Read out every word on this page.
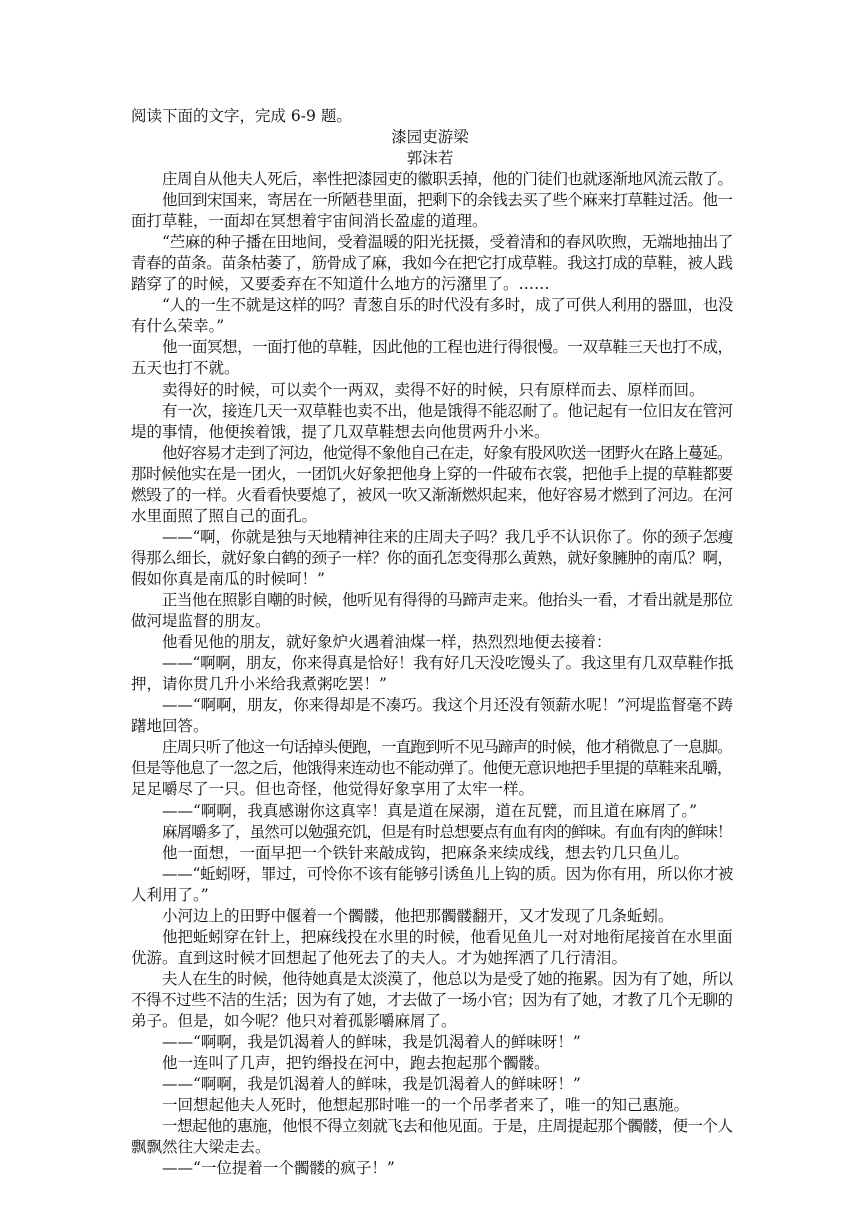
阅读下面的文字，完成 6-9 题。
漆园吏游梁
郭沫若
庄周自从他夫人死后，率性把漆园吏的徽职丢掉，他的门徒们也就逐渐地风流云散了。
他回到宋国来，寄居在一所陋巷里面，把剩下的余钱去买了些个麻来打草鞋过活。他一
面打草鞋，一面却在冥想着宇宙间消长盈虚的道理。
“苎麻的种子播在田地间，受着温暖的阳光抚摄，受着清和的春风吹煦，无端地抽出了
青春的苗条。苗条枯萎了，筋骨成了麻，我如今在把它打成草鞋。我这打成的草鞋，被人践
踏穿了的时候，又要委弃在不知道什么地方的污潴里了。……
“人的一生不就是这样的吗？青葱自乐的时代没有多时，成了可供人利用的器皿，也没
有什么荣幸。”
他一面冥想，一面打他的草鞋，因此他的工程也进行得很慢。一双草鞋三天也打不成，
五天也打不就。
卖得好的时候，可以卖个一两双，卖得不好的时候，只有原样而去、原样而回。
有一次，接连几天一双草鞋也卖不出，他是饿得不能忍耐了。他记起有一位旧友在管河
堤的事情，他便挨着饿，提了几双草鞋想去向他贯两升小米。
他好容易才走到了河边，他觉得不象他自己在走，好象有股风吹送一团野火在路上蔓延。
那时候他实在是一团火，一团饥火好象把他身上穿的一件破布衣裳，把他手上提的草鞋都要
燃毁了的一样。火看看快要熄了，被风一吹又渐渐燃炽起来，他好容易才燃到了河边。在河
水里面照了照自己的面孔。
——“啊，你就是独与天地精神往来的庄周夫子吗？我几乎不认识你了。你的颈子怎瘦
得那么细长，就好象白鹤的颈子一样？你的面孔怎变得那么黄熟，就好象臃肿的南瓜？啊，
假如你真是南瓜的时候呵！”
正当他在照影自嘲的时候，他听见有得得的马蹄声走来。他抬头一看，才看出就是那位
做河堤监督的朋友。
他看见他的朋友，就好象炉火遇着油煤一样，热烈烈地便去接着：
——“啊啊，朋友，你来得真是恰好！我有好几天没吃馒头了。我这里有几双草鞋作抵
押，请你贯几升小米给我煮粥吃罢！”
——“啊啊，朋友，你来得却是不凑巧。我这个月还没有领薪水呢！”河堤监督毫不踌
躇地回答。
庄周只听了他这一句话掉头便跑，一直跑到听不见马蹄声的时候，他才稍微息了一息脚。
但是等他息了一忽之后，他饿得来连动也不能动弹了。他便无意识地把手里提的草鞋来乱嚼，
足足嚼尽了一只。但也奇怪，他觉得好象享用了太牢一样。
——“啊啊，我真感谢你这真宰！真是道在屎溺，道在瓦甓，而且道在麻屑了。”
麻屑嚼多了，虽然可以勉强充饥，但是有时总想要点有血有肉的鲜味。有血有肉的鲜味！
他一面想，一面早把一个铁针来敲成钩，把麻条来续成线，想去钓几只鱼儿。
——“蚯蚓呀，罪过，可怜你不该有能够引诱鱼儿上钩的质。因为你有用，所以你才被
人利用了。”
小河边上的田野中偃着一个髑髅，他把那髑髅翻开，又才发现了几条蚯蚓。
他把蚯蚓穿在针上，把麻线投在水里的时候，他看见鱼儿一对对地衔尾接首在水里面
优游。直到这时候才回想起了他死去了的夫人。才为她挥洒了几行清泪。
夫人在生的时候，他待她真是太淡漠了，他总以为是受了她的拖累。因为有了她，所以
不得不过些不洁的生活；因为有了她，才去做了一场小官；因为有了她，才教了几个无聊的
弟子。但是，如今呢？他只对着孤影嚼麻屑了。
——“啊啊，我是饥渴着人的鲜味，我是饥渴着人的鲜味呀！”
他一连叫了几声，把钓缗投在河中，跑去抱起那个髑髅。
——“啊啊，我是饥渴着人的鲜味，我是饥渴着人的鲜味呀！”
一回想起他夫人死时，他想起那时唯一的一个吊孝者来了，唯一的知己惠施。
一想起他的惠施，他恨不得立刻就飞去和他见面。于是，庄周提起那个髑髅，便一个人
飘飘然往大梁走去。
——“一位提着一个髑髅的疯子！”
